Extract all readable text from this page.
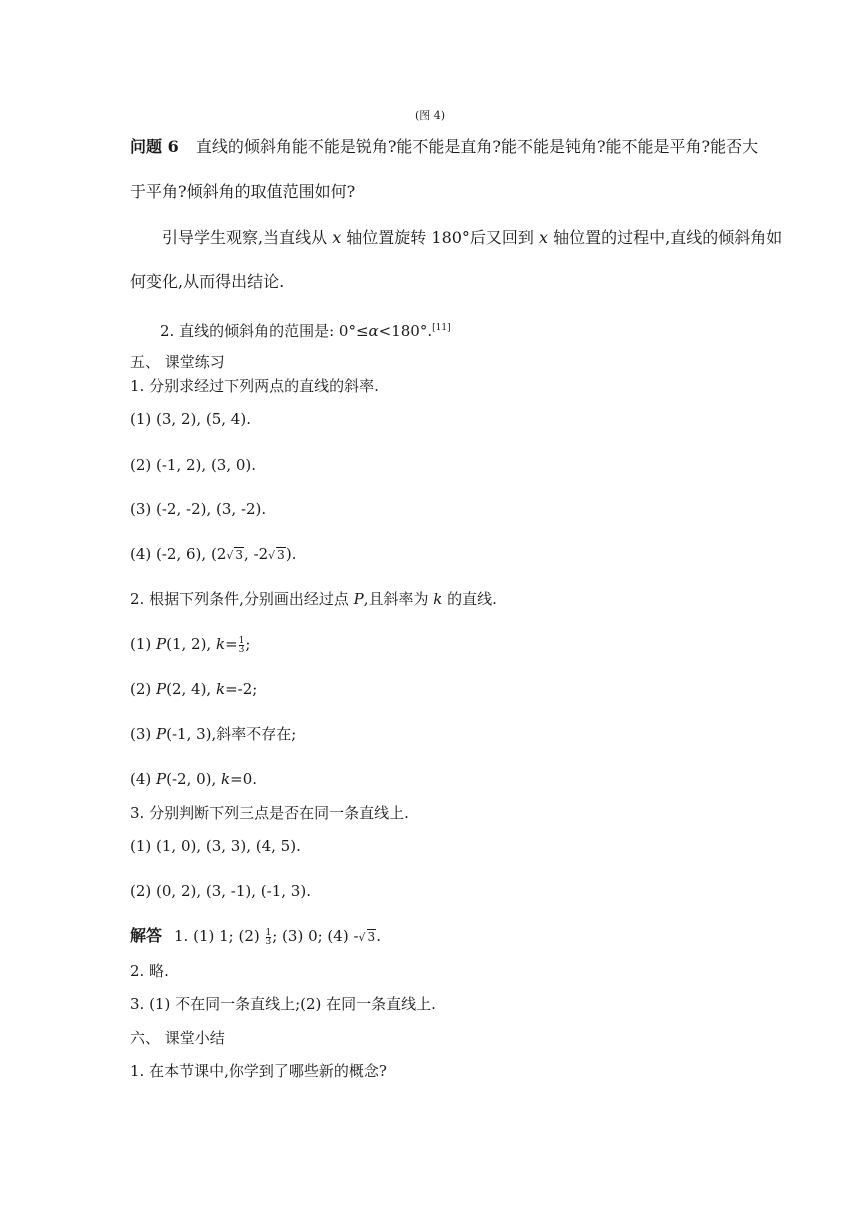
(图 4)
问题 6 直线的倾斜角能不能是锐角?能不能是直角?能不能是钝角?能不能是平角?能否大
于平角?倾斜角的取值范围如何?
引导学生观察,当直线从 x 轴位置旋转 180°后又回到 x 轴位置的过程中,直线的倾斜角如
何变化,从而得出结论.
2. 直线的倾斜角的范围是: 0°≤α<180°.[11]
五、 课堂练习
1. 分别求经过下列两点的直线的斜率.
(1) (3, 2), (5, 4).
(2) (-1, 2), (3, 0).
(3) (-2, -2), (3, -2).
(4) (-2, 6), (2√ 3, -2√ 3).
2. 根据下列条件,分别画出经过点 P,且斜率为 k 的直线.
(1) P(1, 2), $k= \frac{1}{3}$ ;
(2) P(2, 4), k=-2;
(3) P(-1, 3),斜率不存在;
(4) P(-2, 0), k=0.
3. 分别判断下列三点是否在同一条直线上.
(1) (1, 0), (3, 3), (4, 5).
(2) (0, 2), (3, -1), (-1, 3).
解答 1. (1) 1; $(2) \frac{1}{3}$ ; (3) 0; (4) -√ 3.
2. 略.
3. (1) 不在同一条直线上;(2) 在同一条直线上.
六、 课堂小结
1. 在本节课中,你学到了哪些新的概念?
